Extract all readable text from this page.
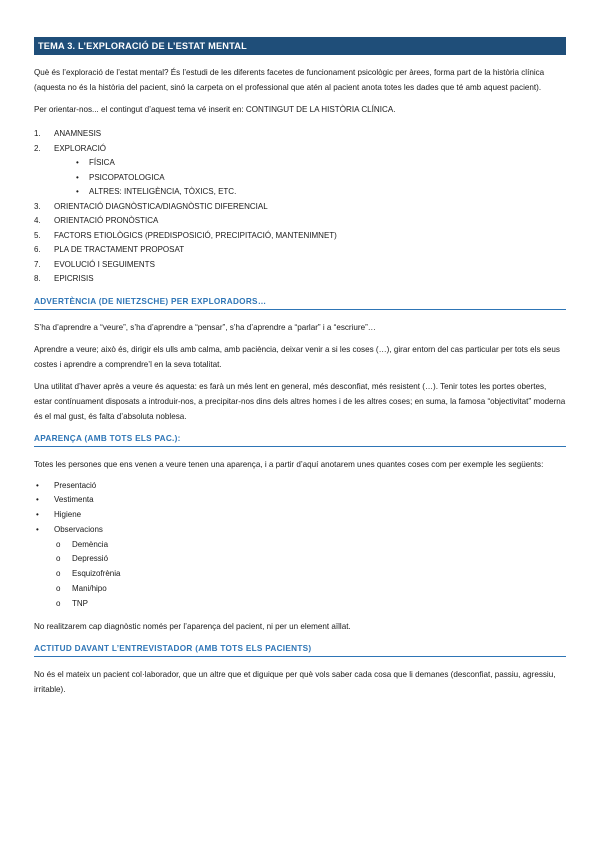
TEMA 3. L’EXPLORACIÓ DE L’ESTAT MENTAL

Què és l’exploració de l’estat mental? És l’estudi de les diferents facetes de funcionament psicològic per àrees, forma part de la història clínica (aquesta no és la història del pacient, sinó la carpeta on el professional que atén al pacient anota totes les dades que té amb aquest pacient).

Per orientar-nos... el contingut d’aquest tema vé inserit en: CONTINGUT DE LA HISTÒRIA CLÍNICA.

1. ANAMNESIS
2. EXPLORACIÓ
• FÍSICA
• PSICOPATOLOGICA
• ALTRES: INTELIGÈNCIA, TÒXICS, ETC.
3. ORIENTACIÓ DIAGNÒSTICA/DIAGNÒSTIC DIFERENCIAL
4. ORIENTACIÓ PRONÒSTICA
5. FACTORS ETIOLÒGICS (PREDISPOSICIÓ, PRECIPITACIÓ, MANTENIMNET)
6. PLA DE TRACTAMENT PROPOSAT
7. EVOLUCIÓ I SEGUIMENTS
8. EPICRISIS
ADVERTÈNCIA (DE NIETZSCHE) PER EXPLORADORS…

S’ha d’aprendre a “veure”, s’ha d’aprendre a “pensar”, s’ha d’aprendre a “parlar” i a “escriure”…

Aprendre a veure; això és, dirigir els ulls amb calma, amb paciència, deixar venir a si les coses (…), girar entorn del cas particular per tots els seus costes i aprendre a comprendre’l en la seva totalitat.

Una utilitat d’haver après a veure és aquesta: es farà un més lent en general, més desconfiat, més resistent (…). Tenir totes les portes obertes, estar contínuament disposats a introduir-nos, a precipitar-nos dins dels altres homes i de les altres coses; en suma, la famosa “objectivitat” moderna és el mal gust, és falta d’absoluta noblesa.

APARENÇA (AMB TOTS ELS PAC.):

Totes les persones que ens venen a veure tenen una aparença, i a partir d’aquí anotarem unes quantes coses com per exemple les següents:

• Presentació
• Vestimenta
• Higiene
• Observacions
o Demència
o Depressió
o Esquizofrènia
o Mani/hipo
o TNP

No realitzarem cap diagnòstic només per l’aparença del pacient, ni per un element aïllat.

ACTITUD DAVANT L’ENTREVISTADOR (AMB TOTS ELS PACIENTS)

No és el mateix un pacient col·laborador, que un altre que et diguique per què vols saber cada cosa que li demanes (desconfiat, passiu, agressiu, irritable).
